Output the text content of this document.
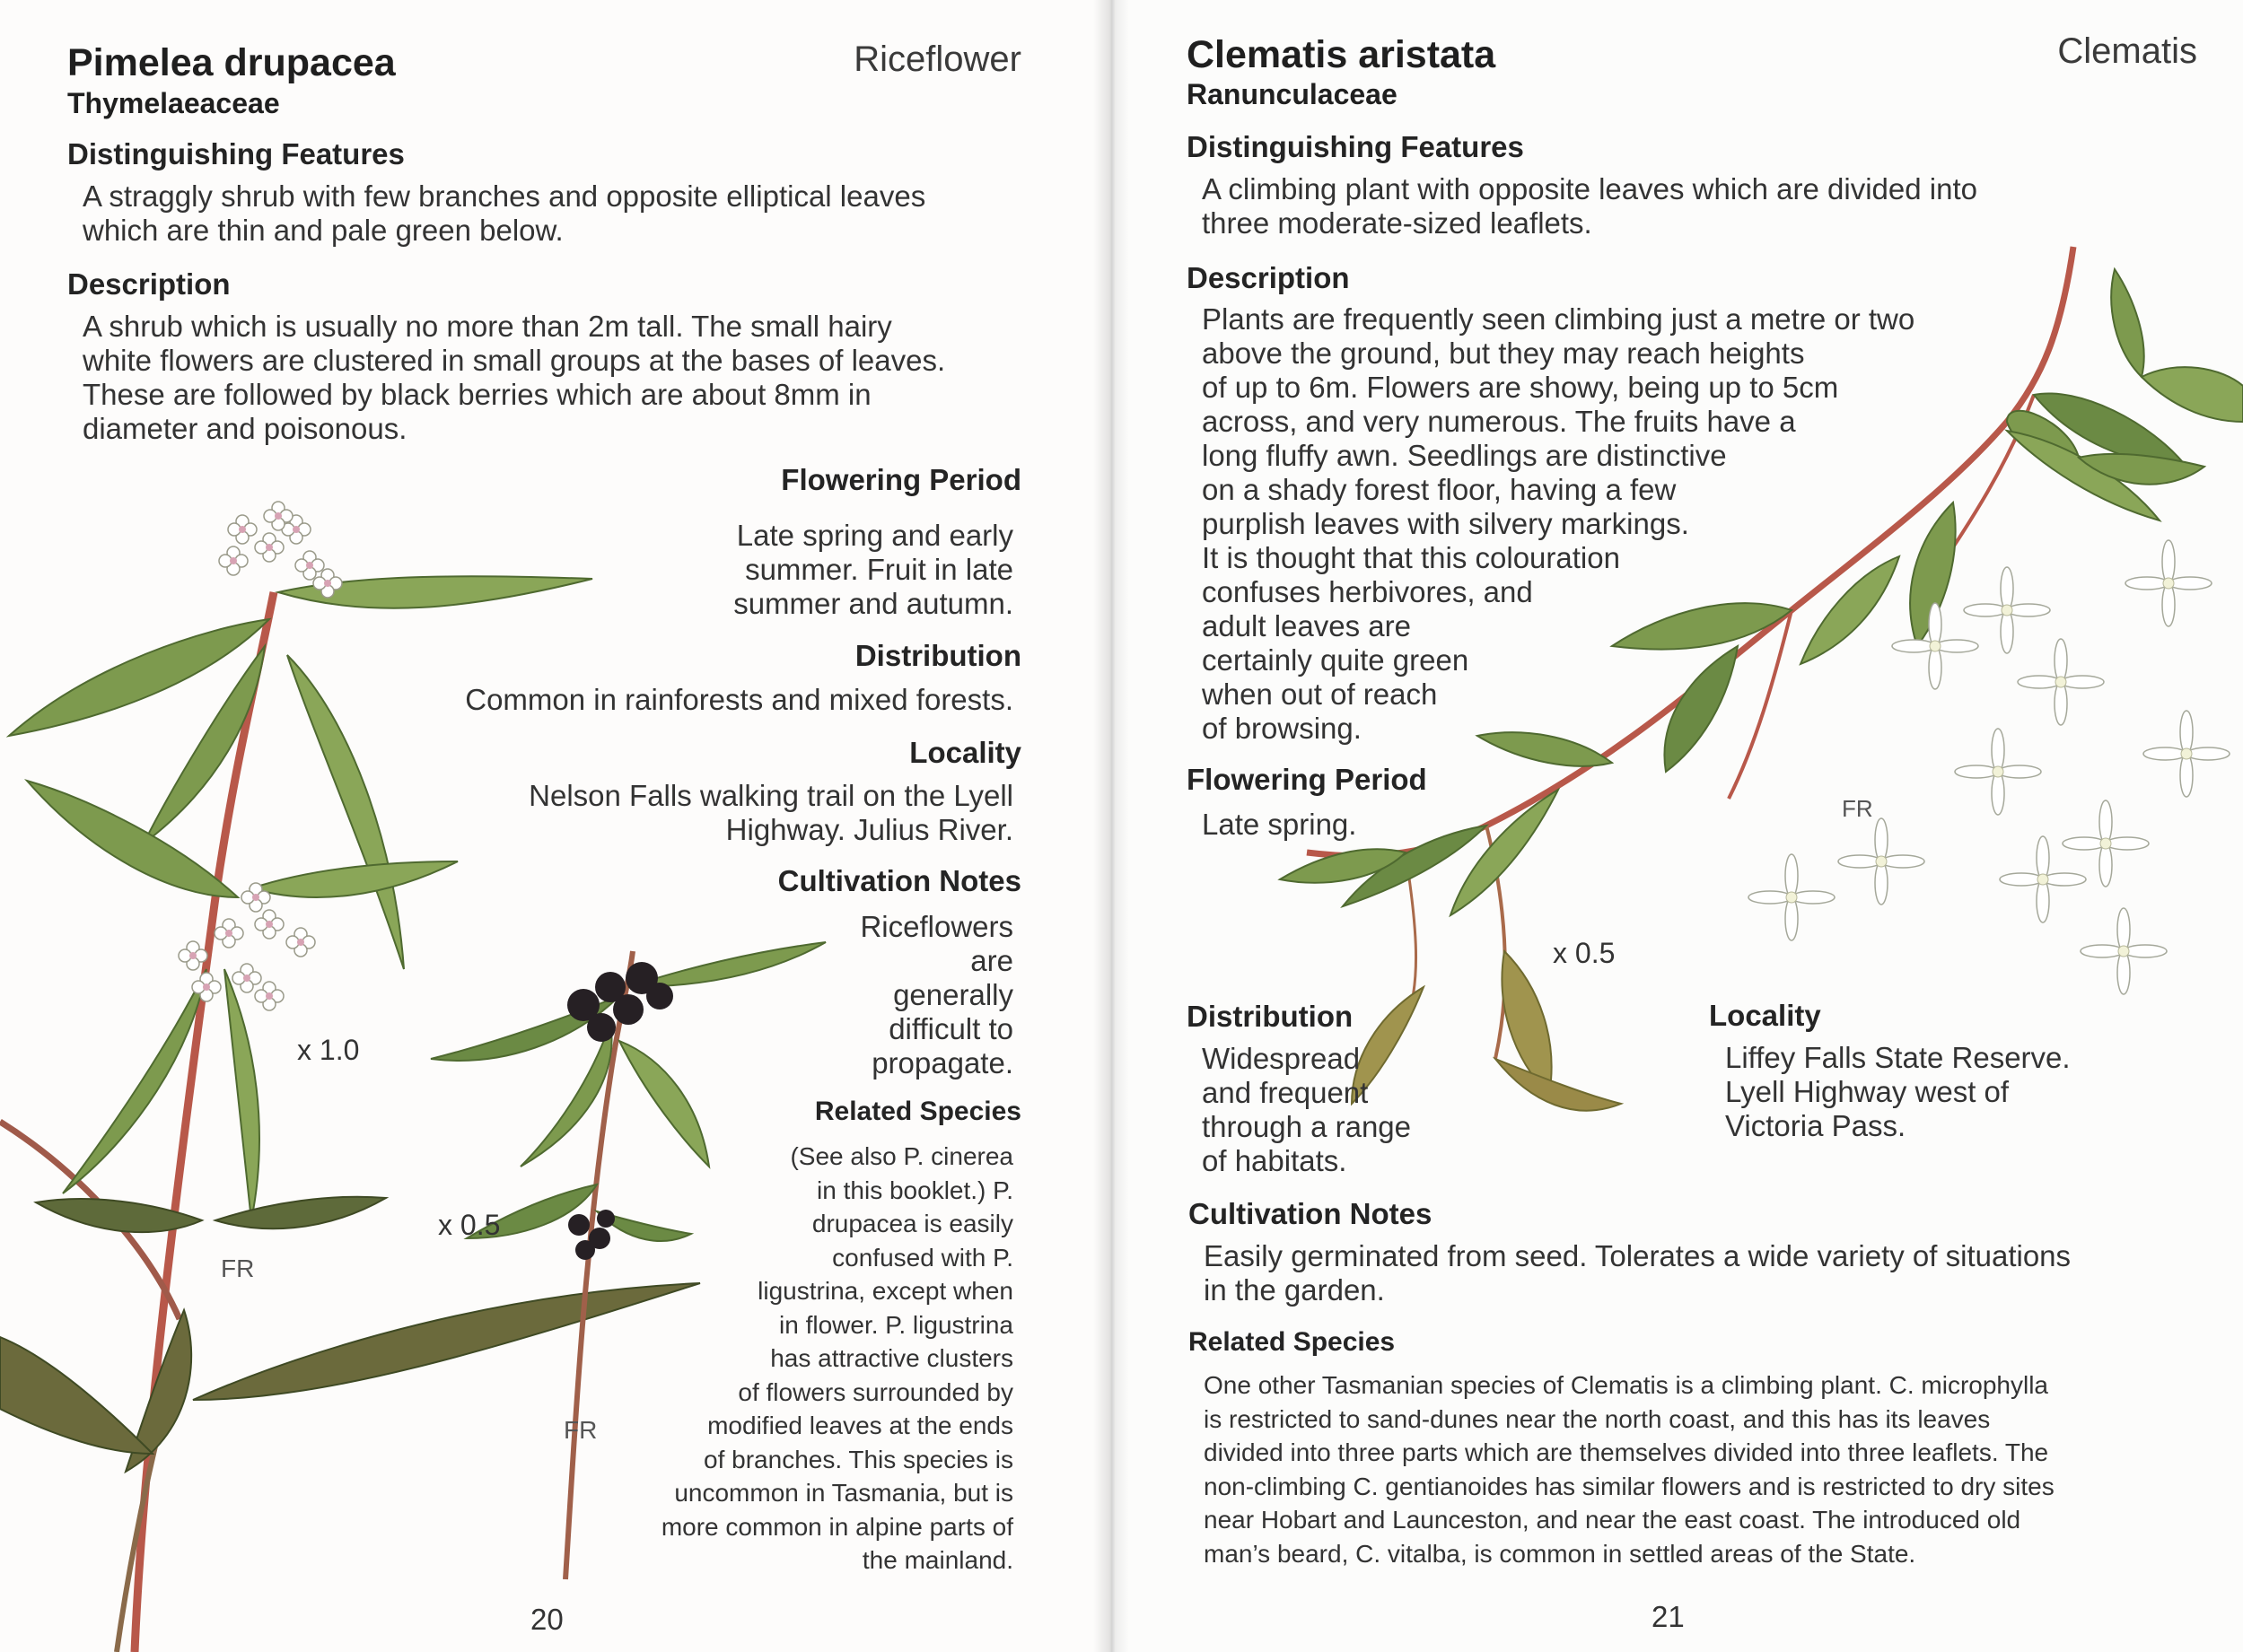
Pimelea drupacea
Thymelaeaceae
Riceflower
Distinguishing Features
A straggly shrub with few branches and opposite elliptical leaves
which are thin and pale green below.
Description
A shrub which is usually no more than 2m tall. The small hairy
white flowers are clustered in small groups at the bases of leaves.
These are followed by black berries which are about 8mm in
diameter and poisonous.
Flowering Period
Late spring and early
summer. Fruit in late
summer and autumn.
Distribution
Common in rainforests and mixed forests.
Locality
Nelson Falls walking trail on the Lyell
Highway. Julius River.
Cultivation Notes
Riceflowers
are
generally
difficult to
propagate.
Related Species
(See also P. cinerea
in this booklet.) P.
drupacea is easily
confused with P.
ligustrina, except when
in flower. P. ligustrina
has attractive clusters
of flowers surrounded by
modified leaves at the ends
of branches. This species is
uncommon in Tasmania, but is
more common in alpine parts of
the mainland.
x 1.0
x 0.5
FR
FR
20
Clematis aristata
Ranunculaceae
Clematis
Distinguishing Features
A climbing plant with opposite leaves which are divided into
three moderate-sized leaflets.
Description
Plants are frequently seen climbing just a metre or two
above the ground, but they may reach heights
of up to 6m. Flowers are showy, being up to 5cm
across, and very numerous. The fruits have a
long fluffy awn. Seedlings are distinctive
on a shady forest floor, having a few
purplish leaves with silvery markings.
It is thought that this colouration
confuses herbivores, and
adult leaves are
certainly quite green
when out of reach
of browsing.
Flowering Period
Late spring.
x 0.5
FR
Distribution
Widespread
and frequent
through a range
of habitats.
Locality
Liffey Falls State Reserve.
Lyell Highway west of
Victoria Pass.
Cultivation Notes
Easily germinated from seed. Tolerates a wide variety of situations
in the garden.
Related Species
One other Tasmanian species of Clematis is a climbing plant. C. microphylla
is restricted to sand-dunes near the north coast, and this has its leaves
divided into three parts which are themselves divided into three leaflets. The
non-climbing C. gentianoides has similar flowers and is restricted to dry sites
near Hobart and Launceston, and near the east coast. The introduced old
man’s beard, C. vitalba, is common in settled areas of the State.
21
